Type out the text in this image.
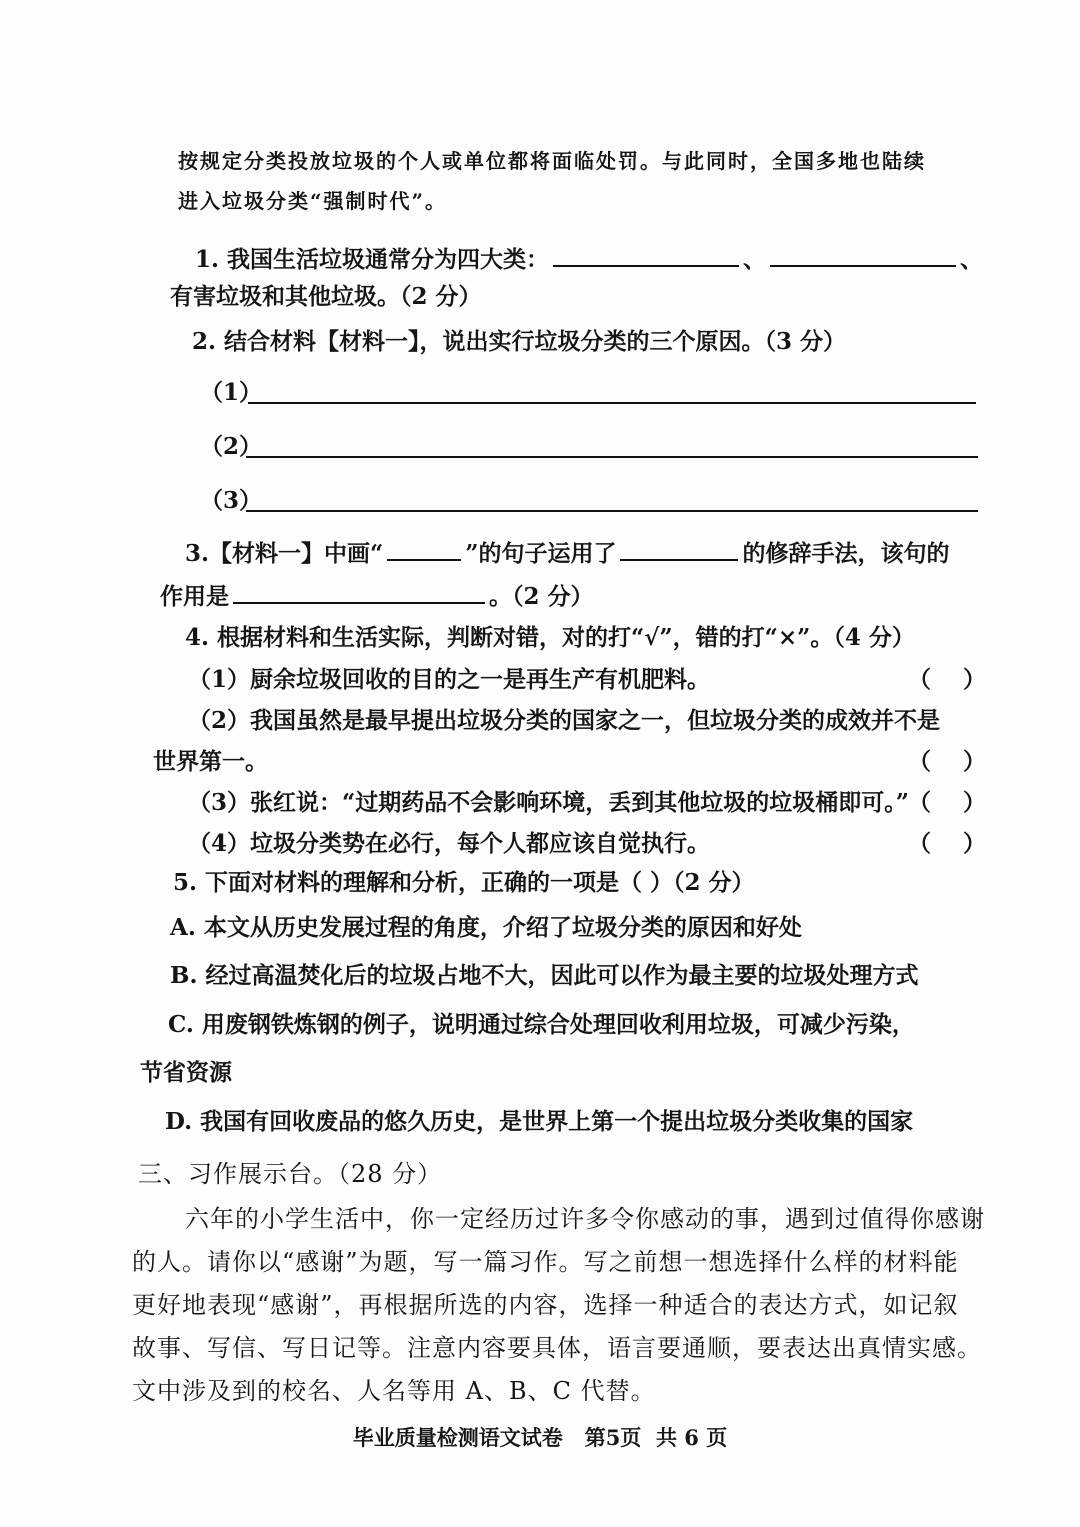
按规定分类投放垃圾的个人或单位都将面临处罚。与此同时，全国多地也陆续
进入垃圾分类“强制时代”。
1. 我国生活垃圾通常分为四大类：	、	、
有害垃圾和其他垃圾。（2 分）
2. 结合材料【材料一】，说出实行垃圾分类的三个原因。（3 分）
（1）
（2）
（3）
3.【材料一】中画“	”的句子运用了	的修辞手法，该句的
作用是	。（2 分）
4. 根据材料和生活实际，判断对错，对的打“√”，错的打“×”。（4 分）
（1）厨余垃圾回收的目的之一是再生产有机肥料。	（    ）
（2）我国虽然是最早提出垃圾分类的国家之一，但垃圾分类的成效并不是
世界第一。	（    ）
（3）张红说：“过期药品不会影响环境，丢到其他垃圾的垃圾桶即可。” （    ）
（4）垃圾分类势在必行，每个人都应该自觉执行。	（    ）
5. 下面对材料的理解和分析，正确的一项是（ ）（2 分）
A. 本文从历史发展过程的角度，介绍了垃圾分类的原因和好处
B. 经过高温焚化后的垃圾占地不大，因此可以作为最主要的垃圾处理方式
C. 用废钢铁炼钢的例子，说明通过综合处理回收利用垃圾，可减少污染，
节省资源
D. 我国有回收废品的悠久历史，是世界上第一个提出垃圾分类收集的国家
三、习作展示台。（28 分）
六年的小学生活中，你一定经历过许多令你感动的事，遇到过值得你感谢
的人。请你以“感谢”为题，写一篇习作。写之前想一想选择什么样的材料能
更好地表现“感谢”，再根据所选的内容，选择一种适合的表达方式，如记叙
故事、写信、写日记等。注意内容要具体，语言要通顺，要表达出真情实感。
文中涉及到的校名、人名等用 A、B、C 代替。
毕业质量检测语文试卷   第5页  共 6 页
